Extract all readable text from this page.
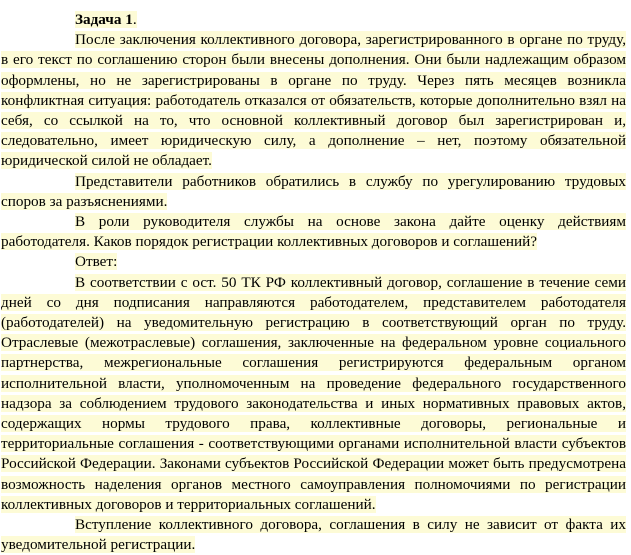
Задача 1.

После заключения коллективного договора, зарегистрированного в органе по труду, в его текст по соглашению сторон были внесены дополнения. Они были надлежащим образом оформлены, но не зарегистрированы в органе по труду. Через пять месяцев возникла конфликтная ситуация: работодатель отказался от обязательств, которые дополнительно взял на себя, со ссылкой на то, что основной коллективный договор был зарегистрирован и, следовательно, имеет юридическую силу, а дополнение – нет, поэтому обязательной юридической силой не обладает.

Представители работников обратились в службу по урегулированию трудовых споров за разъяснениями.

В роли руководителя службы на основе закона дайте оценку действиям работодателя. Каков порядок регистрации коллективных договоров и соглашений?

Ответ:

В соответствии с ост. 50 ТК РФ коллективный договор, соглашение в течение семи дней со дня подписания направляются работодателем, представителем работодателя (работодателей) на уведомительную регистрацию в соответствующий орган по труду. Отраслевые (межотраслевые) соглашения, заключенные на федеральном уровне социального партнерства, межрегиональные соглашения регистрируются федеральным органом исполнительной власти, уполномоченным на проведение федерального государственного надзора за соблюдением трудового законодательства и иных нормативных правовых актов, содержащих нормы трудового права, коллективные договоры, региональные и территориальные соглашения - соответствующими органами исполнительной власти субъектов Российской Федерации. Законами субъектов Российской Федерации может быть предусмотрена возможность наделения органов местного самоуправления полномочиями по регистрации коллективных договоров и территориальных соглашений.

Вступление коллективного договора, соглашения в силу не зависит от факта их уведомительной регистрации.
